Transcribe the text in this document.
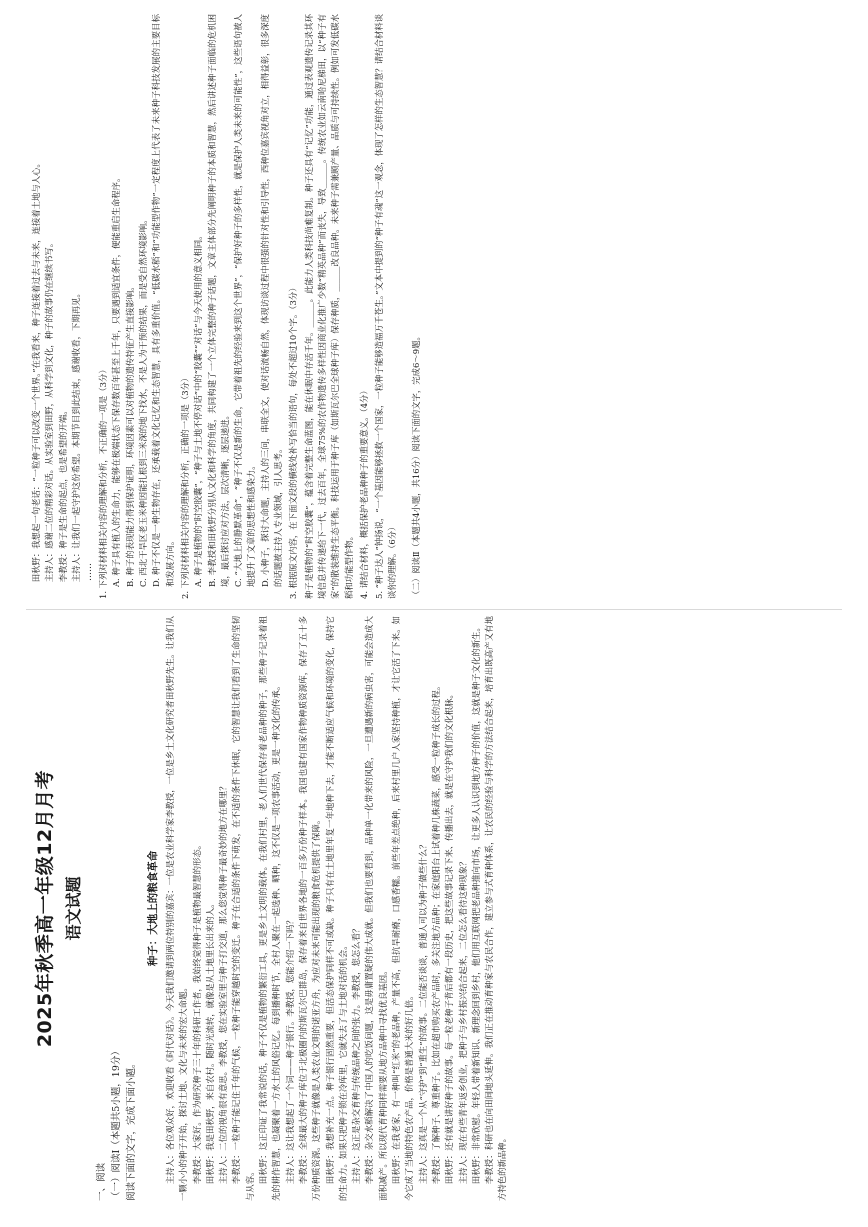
2025年秋季高一年级12月月考 语文试题

一、阅读 （一）阅读Ⅰ（本题共5小题，19分） 阅读下面的文字，完成下面小题。

种子：大地上的粮食革命 主持人：各位观众好，欢迎收看《时代对话》。今天我们邀请到两位特别的嘉宾：一位是农业科学家李教授，一位是乡土文化研究者田秋野先生。让我们从一颗小小的种子开始，探讨土地、文化与未来的宏大命题。 李教授：大家好。作为研究种子三十年的科研工作者，我始终觉得种子是植物最智慧的形态。 田秋野：我是田秋野，来自农村。随时光流转，就像是从土地里长出来的人。 主持人：二位的视角很有意思。李教授，您在实验室里与种子打交道，那么您觉得种子最奇妙的地方在哪里？ 李教授：一粒种子能记住千年的气候，一粒种子能穿越时空的变迁。种子在合适的条件下萌发，在不适的条件下休眠，它的智慧让我们看到了生命的坚韧与从容。

田秋野：这正印证了我常说的话，种子不仅是植物的繁衍工具，更是乡土文明的载体。在我们村里，老人们世代保存着老品种的种子，那些种子记录着祖先的耕作智慧，也凝聚着一方水土的风俗记忆。每到播种时节，全村人聚在一起选种、晒种，这不仅是一项农事活动，更是一种文化的传承。 主持人：这让我想起了一个词——种子银行。李教授，您能介绍一下吗？ 李教授：全球最大的种子库位于北极圈内的斯瓦尔巴群岛，保存着来自世界各地的一百多万份种子样本。我国也建有国家作物种质资源库，保存了五十多万份种质资源。这些种子就像是人类农业文明的诺亚方舟，为应对未来可能出现的粮食危机提供了保障。 田秋野：我想补充一点。种子银行固然重要，但活态保护同样不可或缺。种子只有在土地里年复一年地种下去，才能不断适应气候和环境的变化，保持它的生命力。如果只把种子锁在冷库里，它就失去了与土地对话的机会。 主持人：这正是杂交育种与传统品种之间的张力。李教授，您怎么看？ 李教授：杂交水稻解决了中国人的吃饭问题，这是毋庸置疑的伟大成就。但我们也要看到，品种单一化带来的风险，一旦遭遇新的病虫害，可能会造成大面积减产。所以现代育种同样需要从地方品种中寻找优良基因。 田秋野：在我老家，有一种叫“红米”的老品种，产量不高，但抗旱耐瘠，口感香糯。前些年差点绝种，后来村里几户人家坚持种植，才让它活了下来。如今它成了当地的特色农产品，价格是普通大米的好几倍。 主持人：这真是一个从“守护”到“重生”的故事。二位能否谈谈，普通人可以为种子做些什么？ 李教授：了解种子、尊重种子。比如在超市购买农产品时，多关注地方品种；在家庭阳台上试着种几株蔬菜，感受一粒种子成长的过程。 田秋野：还有就是讲好种子的故事。每一粒老种子背后都有一段历史，把这些故事记录下来、传播出去，就是在守护我们的文化根脉。 主持人：现在有些青年返乡创业，把种子与乡村振兴结合起来，二位怎么看待这种现象？ 田秋野：非常欣慰。年轻人带着新知识、新理念回到乡村，他们用互联网把老品种推向市场，让更多人认识到地方种子的价值，这就是种子文化的新生。 李教授：科研也在向田间地头延伸。我们正在推动育种家与农民合作，建立参与式育种体系，让农民的经验与科学的方法结合起来，培育出既高产又有地方特色的新品种。

田秋野：我想起一句老话：“一粒种子可以改变一个世界。”在我看来，种子连接着过去与未来，连接着土地与人心。 主持人：感谢二位的精彩对话。从实验室到田野，从科学到文化，种子的故事仍在继续书写。 李教授：种子是生命的起点，也是希望的开端。 主持人：让我们一起守护这份希望。本期节目到此结束，感谢收看，下期再见。 …… 1. 下列对材料相关内容的理解和分析，不正确的一项是（3分） A. 种子具有植入的生命力，能够在极端状态下保存数百年甚至上千年，只要遇到适宜条件，便能重启生命程序。 B. 种子的表现能力得到保护证明，环境因素可以对植物的遗传特征产生直接影响。 C. 西北干旱区老玉米种因能扎根到三米深的地下找水，不是人为干预的结果，而是受自然环境影响。 D. 种子不仅是一种生物存在，还承载着文化记忆和生态智慧，具有多重价值。“低碳水稻”和“功能型作物”一定程度上代表了未来种子科技发展的主要目标和发展方向。 2. 下列对材料相关内容的理解和分析，正确的一项是（3分） A. 种子是植物的“时空胶囊”，“种子与土地不停对话”中的“胶囊”“对话”与今天使用的意义相同。 B. 李教授和田秋野分别从文化和科学的角度，共同构建了一个立体完整的种子话题，文章主体部分先阐明种子的本质和智慧，然后讲述种子面临的危机困境，最后探讨应对方法，层次清晰，逐层递进。 C. “大地上的静默革命”，“种子不仅是新的生命，它带着祖先的经验来到这个世界”，“保护好种子的多样性，就是保护人类未来的可能性”，这些语句被人地提升了文章的思想性和感染力。 D. 小种子，探讨大命题，主持人的三问，串联全文，使对话流畅自然，体现访谈过程中很强的针对性和引导性，西种位嘉宾视角对立，相得益彰，很多深度的话题被主持人专业领域，引人思考。 3. 根据原文内容，在下面文段的横线处补写恰当的语句，每处不超过10个字。（3分） 种子是植物的“时空胶囊”，蕴含着完整生命蓝图，能在休眠中存活千年。______。此能力人类科技尚难复制。种子还具有“记忆”功能，通过表观遗传记录其环境信息并传递给下一代，过去百年，全球75%的农作物遗传多样性因商业化推广少数“精英品种”而丧失，导致______。传统农业如云南哈尼梯田，以“种子有家”的散装维持生态平衡。科技运用于种子库（如斯瓦尔巴全球种子库）保存种质，______改良品种。未来种子需兼顾产量、品质与可持续性。例如可发低碳水稻和功能型作物。 4. 请结合材料，概括保护老品种种子的重要意义。（4分） 5. “种子达人”钟扬说，“一个基因能够拯救一个国家，一粒种子能够造福万千苍生。”文本中提到的“种子有魂”这一观念，体现了怎样的生态智慧？请结合材料谈谈你的理解。（6分） （二）阅读Ⅱ（本题共4小题，共16分）阅读下面的文字，完成6～9题。
